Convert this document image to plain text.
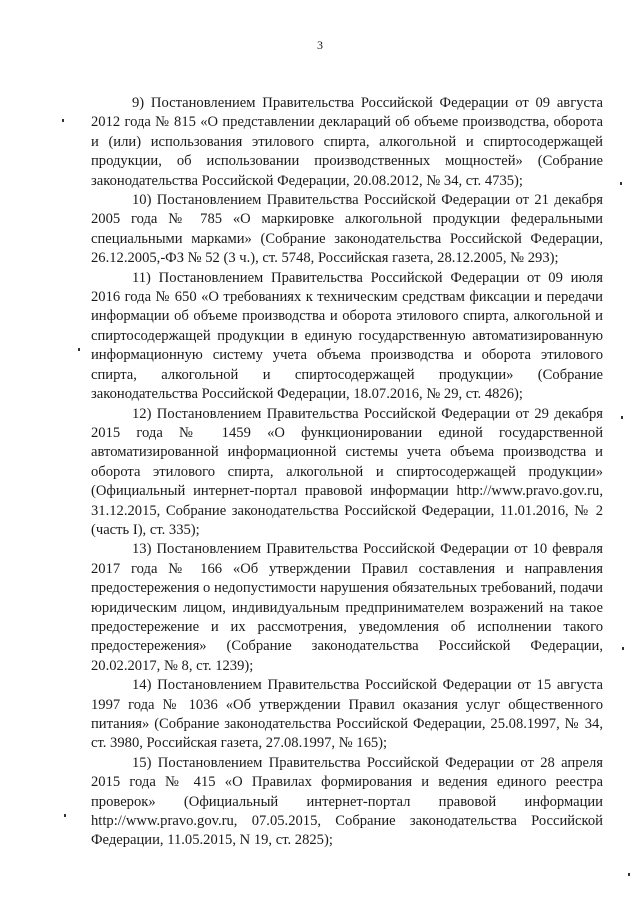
3

9) Постановлением Правительства Российской Федерации от 09 августа 2012 года № 815 «О представлении деклараций об объеме производства, оборота и (или) использования этилового спирта, алкогольной и спиртосодержащей продукции, об использовании производственных мощностей» (Собрание законодательства Российской Федерации, 20.08.2012, № 34, ст. 4735);

10) Постановлением Правительства Российской Федерации от 21 декабря 2005 года № 785 «О маркировке алкогольной продукции федеральными специальными марками» (Собрание законодательства Российской Федерации, 26.12.2005,-ФЗ № 52 (3 ч.), ст. 5748, Российская газета, 28.12.2005, № 293);

11) Постановлением Правительства Российской Федерации от 09 июля 2016 года № 650 «О требованиях к техническим средствам фиксации и передачи информации об объеме производства и оборота этилового спирта, алкогольной и спиртосодержащей продукции в единую государственную автоматизированную информационную систему учета объема производства и оборота этилового спирта, алкогольной и спиртосодержащей продукции» (Собрание законодательства Российской Федерации, 18.07.2016, № 29, ст. 4826);

12) Постановлением Правительства Российской Федерации от 29 декабря 2015 года № 1459 «О функционировании единой государственной автоматизированной информационной системы учета объема производства и оборота этилового спирта, алкогольной и спиртосодержащей продукции» (Официальный интернет-портал правовой информации http://www.pravo.gov.ru, 31.12.2015, Собрание законодательства Российской Федерации, 11.01.2016, № 2 (часть I), ст. 335);

13) Постановлением Правительства Российской Федерации от 10 февраля 2017 года № 166 «Об утверждении Правил составления и направления предостережения о недопустимости нарушения обязательных требований, подачи юридическим лицом, индивидуальным предпринимателем возражений на такое предостережение и их рассмотрения, уведомления об исполнении такого предостережения» (Собрание законодательства Российской Федерации, 20.02.2017, № 8, ст. 1239);

14) Постановлением Правительства Российской Федерации от 15 августа 1997 года № 1036 «Об утверждении Правил оказания услуг общественного питания» (Собрание законодательства Российской Федерации, 25.08.1997, № 34, ст. 3980, Российская газета, 27.08.1997, № 165);

15) Постановлением Правительства Российской Федерации от 28 апреля 2015 года № 415 «О Правилах формирования и ведения единого реестра проверок» (Официальный интернет-портал правовой информации http://www.pravo.gov.ru, 07.05.2015, Собрание законодательства Российской Федерации, 11.05.2015, N 19, ст. 2825);
